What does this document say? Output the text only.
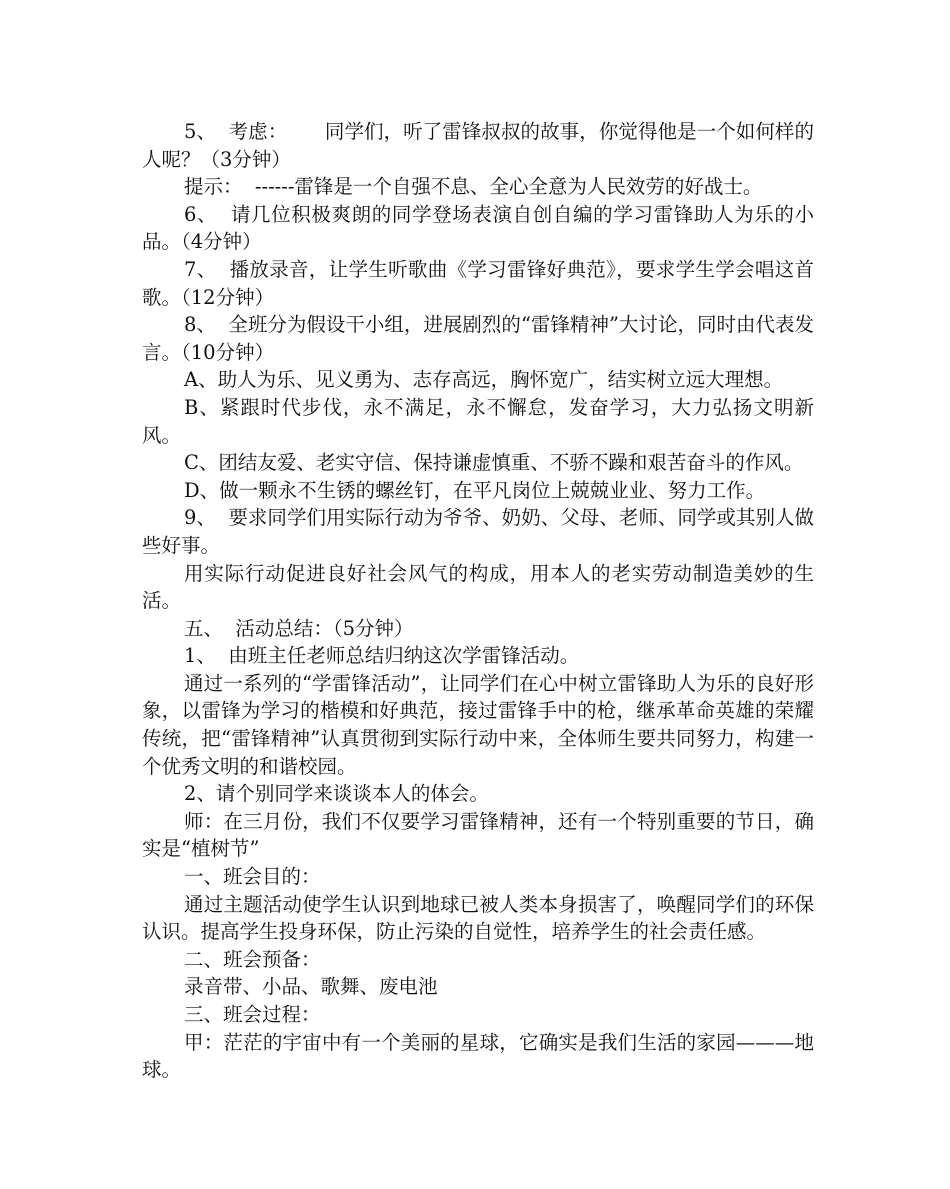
5、  考虑：      同学们，听了雷锋叔叔的故事，你觉得他是一个如何样的人呢？（3分钟）

提示：  ------雷锋是一个自强不息、全心全意为人民效劳的好战士。

6、  请几位积极爽朗的同学登场表演自创自编的学习雷锋助人为乐的小品。（4分钟）

7、  播放录音，让学生听歌曲《学习雷锋好典范》，要求学生学会唱这首歌。（12分钟）

8、  全班分为假设干小组，进展剧烈的“雷锋精神”大讨论，同时由代表发言。（10分钟）

A、助人为乐、见义勇为、志存高远，胸怀宽广，结实树立远大理想。

B、紧跟时代步伐，永不满足，永不懈怠，发奋学习，大力弘扬文明新风。

C、团结友爱、老实守信、保持谦虚慎重、不骄不躁和艰苦奋斗的作风。

D、做一颗永不生锈的螺丝钉，在平凡岗位上兢兢业业、努力工作。

9、  要求同学们用实际行动为爷爷、奶奶、父母、老师、同学或其别人做些好事。

用实际行动促进良好社会风气的构成，用本人的老实劳动制造美妙的生活。

五、  活动总结：（5分钟）

1、  由班主任老师总结归纳这次学雷锋活动。

通过一系列的“学雷锋活动”，让同学们在心中树立雷锋助人为乐的良好形象，以雷锋为学习的楷模和好典范，接过雷锋手中的枪，继承革命英雄的荣耀传统，把“雷锋精神”认真贯彻到实际行动中来，全体师生要共同努力，构建一个优秀文明的和谐校园。

2、请个别同学来谈谈本人的体会。

师：在三月份，我们不仅要学习雷锋精神，还有一个特别重要的节日，确实是“植树节”

一、班会目的：

通过主题活动使学生认识到地球已被人类本身损害了，唤醒同学们的环保认识。提高学生投身环保，防止污染的自觉性，培养学生的社会责任感。

二、班会预备：

录音带、小品、歌舞、废电池

三、班会过程：

甲：茫茫的宇宙中有一个美丽的星球，它确实是我们生活的家园———地球。
